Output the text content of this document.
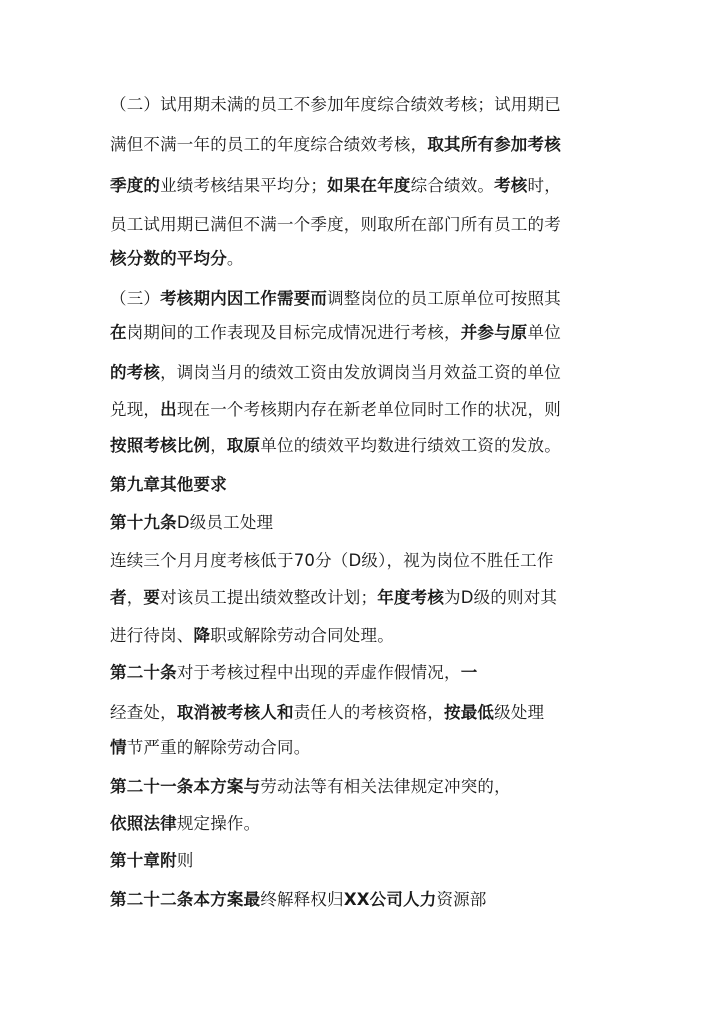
（二）试用期未满的员工不参加年度综合绩效考核；试用期已
满但不满一年的员工的年度综合绩效考核，取其所有参加考核
季度的业绩考核结果平均分；如果在年度综合绩效。考核时，
员工试用期已满但不满一个季度，则取所在部门所有员工的考
核分数的平均分。
（三）考核期内因工作需要而调整岗位的员工原单位可按照其
在岗期间的工作表现及目标完成情况进行考核，并参与原单位
的考核，调岗当月的绩效工资由发放调岗当月效益工资的单位
兑现，出现在一个考核期内存在新老单位同时工作的状况，则
按照考核比例，取原单位的绩效平均数进行绩效工资的发放。
第九章其他要求
第十九条D级员工处理
连续三个月月度考核低于70分（D级），视为岗位不胜任工作
者，要对该员工提出绩效整改计划；年度考核为D级的则对其
进行待岗、降职或解除劳动合同处理。
第二十条对于考核过程中出现的弄虚作假情况，一
经查处，取消被考核人和责任人的考核资格，按最低级处理
情节严重的解除劳动合同。
第二十一条本方案与劳动法等有相关法律规定冲突的，
依照法律规定操作。
第十章附则
第二十二条本方案最终解释权归XX公司人力资源部
